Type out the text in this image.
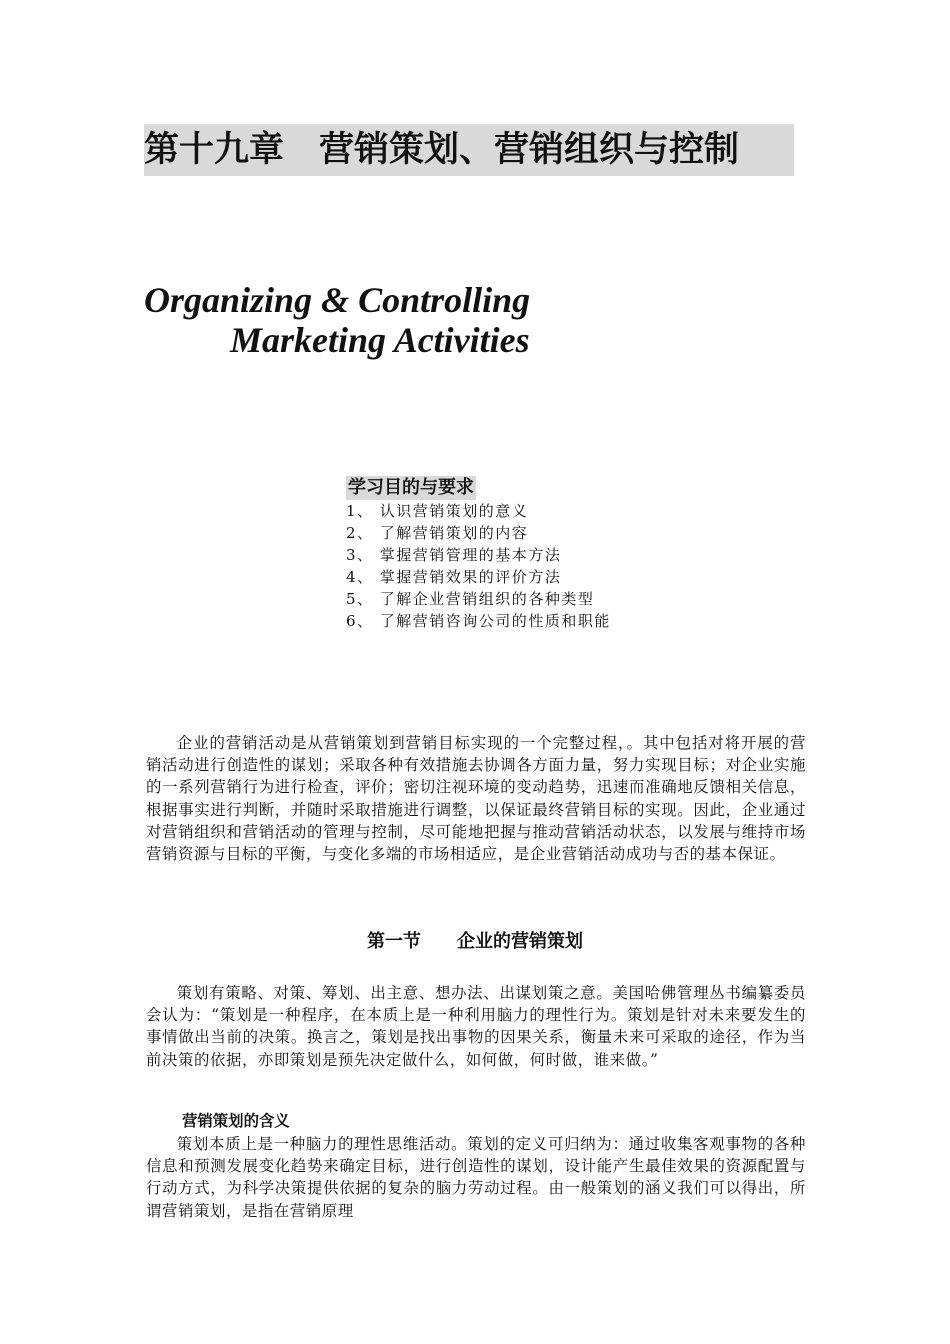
第十九章　营销策划、营销组织与控制
Organizing & Controlling
Marketing Activities
学习目的与要求
1、 认识营销策划的意义
2、 了解营销策划的内容
3、 掌握营销管理的基本方法
4、 掌握营销效果的评价方法
5、 了解企业营销组织的各种类型
6、 了解营销咨询公司的性质和职能

企业的营销活动是从营销策划到营销目标实现的一个完整过程，。其中包括对将开展的营销活动进行创造性的谋划；采取各种有效措施去协调各方面力量，努力实现目标；对企业实施的一系列营销行为进行检查，评价；密切注视环境的变动趋势，迅速而准确地反馈相关信息，根据事实进行判断，并随时采取措施进行调整，以保证最终营销目标的实现。因此，企业通过对营销组织和营销活动的管理与控制，尽可能地把握与推动营销活动状态，以发展与维持市场营销资源与目标的平衡，与变化多端的市场相适应，是企业营销活动成功与否的基本保证。

第一节　　企业的营销策划

策划有策略、对策、筹划、出主意、想办法、出谋划策之意。美国哈佛管理丛书编纂委员会认为：“策划是一种程序，在本质上是一种利用脑力的理性行为。策划是针对未来要发生的事情做出当前的决策。换言之，策划是找出事物的因果关系，衡量未来可采取的途径，作为当前决策的依据，亦即策划是预先决定做什么，如何做，何时做，谁来做。”

营销策划的含义

策划本质上是一种脑力的理性思维活动。策划的定义可归纳为：通过收集客观事物的各种信息和预测发展变化趋势来确定目标，进行创造性的谋划，设计能产生最佳效果的资源配置与行动方式，为科学决策提供依据的复杂的脑力劳动过程。由一般策划的涵义我们可以得出，所谓营销策划，是指在营销原理
